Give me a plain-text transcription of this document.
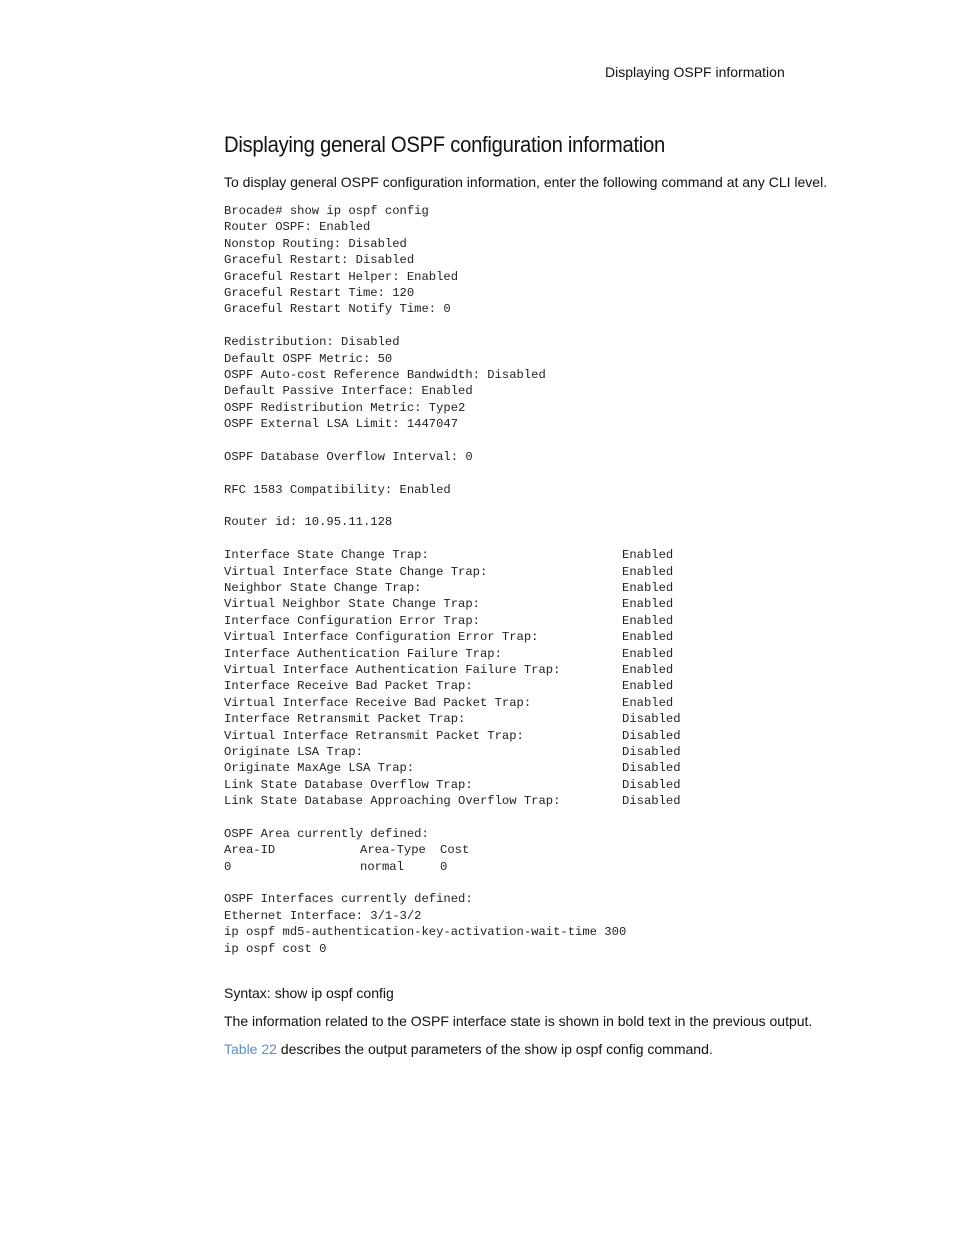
Displaying OSPF information
Displaying general OSPF configuration information
To display general OSPF configuration information, enter the following command at any CLI level.
Brocade# show ip ospf config
Router OSPF: Enabled
Nonstop Routing: Disabled
Graceful Restart: Disabled
Graceful Restart Helper: Enabled
Graceful Restart Time: 120
Graceful Restart Notify Time: 0
Redistribution: Disabled
Default OSPF Metric: 50
OSPF Auto-cost Reference Bandwidth: Disabled
Default Passive Interface: Enabled
OSPF Redistribution Metric: Type2
OSPF External LSA Limit: 1447047
OSPF Database Overflow Interval: 0
RFC 1583 Compatibility: Enabled
Router id: 10.95.11.128
Interface State Change Trap:	Enabled
Virtual Interface State Change Trap:	Enabled
Neighbor State Change Trap:	Enabled
Virtual Neighbor State Change Trap:	Enabled
Interface Configuration Error Trap:	Enabled
Virtual Interface Configuration Error Trap:	Enabled
Interface Authentication Failure Trap:	Enabled
Virtual Interface Authentication Failure Trap:	Enabled
Interface Receive Bad Packet Trap:	Enabled
Virtual Interface Receive Bad Packet Trap:	Enabled
Interface Retransmit Packet Trap:	Disabled
Virtual Interface Retransmit Packet Trap:	Disabled
Originate LSA Trap:	Disabled
Originate MaxAge LSA Trap:	Disabled
Link State Database Overflow Trap:	Disabled
Link State Database Approaching Overflow Trap:	Disabled
OSPF Area currently defined:
Area-ID	Area-Type Cost
0	normal	0
OSPF Interfaces currently defined:
Ethernet Interface: 3/1-3/2
ip ospf md5-authentication-key-activation-wait-time 300
ip ospf cost 0
Syntax: show ip ospf config
The information related to the OSPF interface state is shown in bold text in the previous output.
Table 22 describes the output parameters of the show ip ospf config command.
